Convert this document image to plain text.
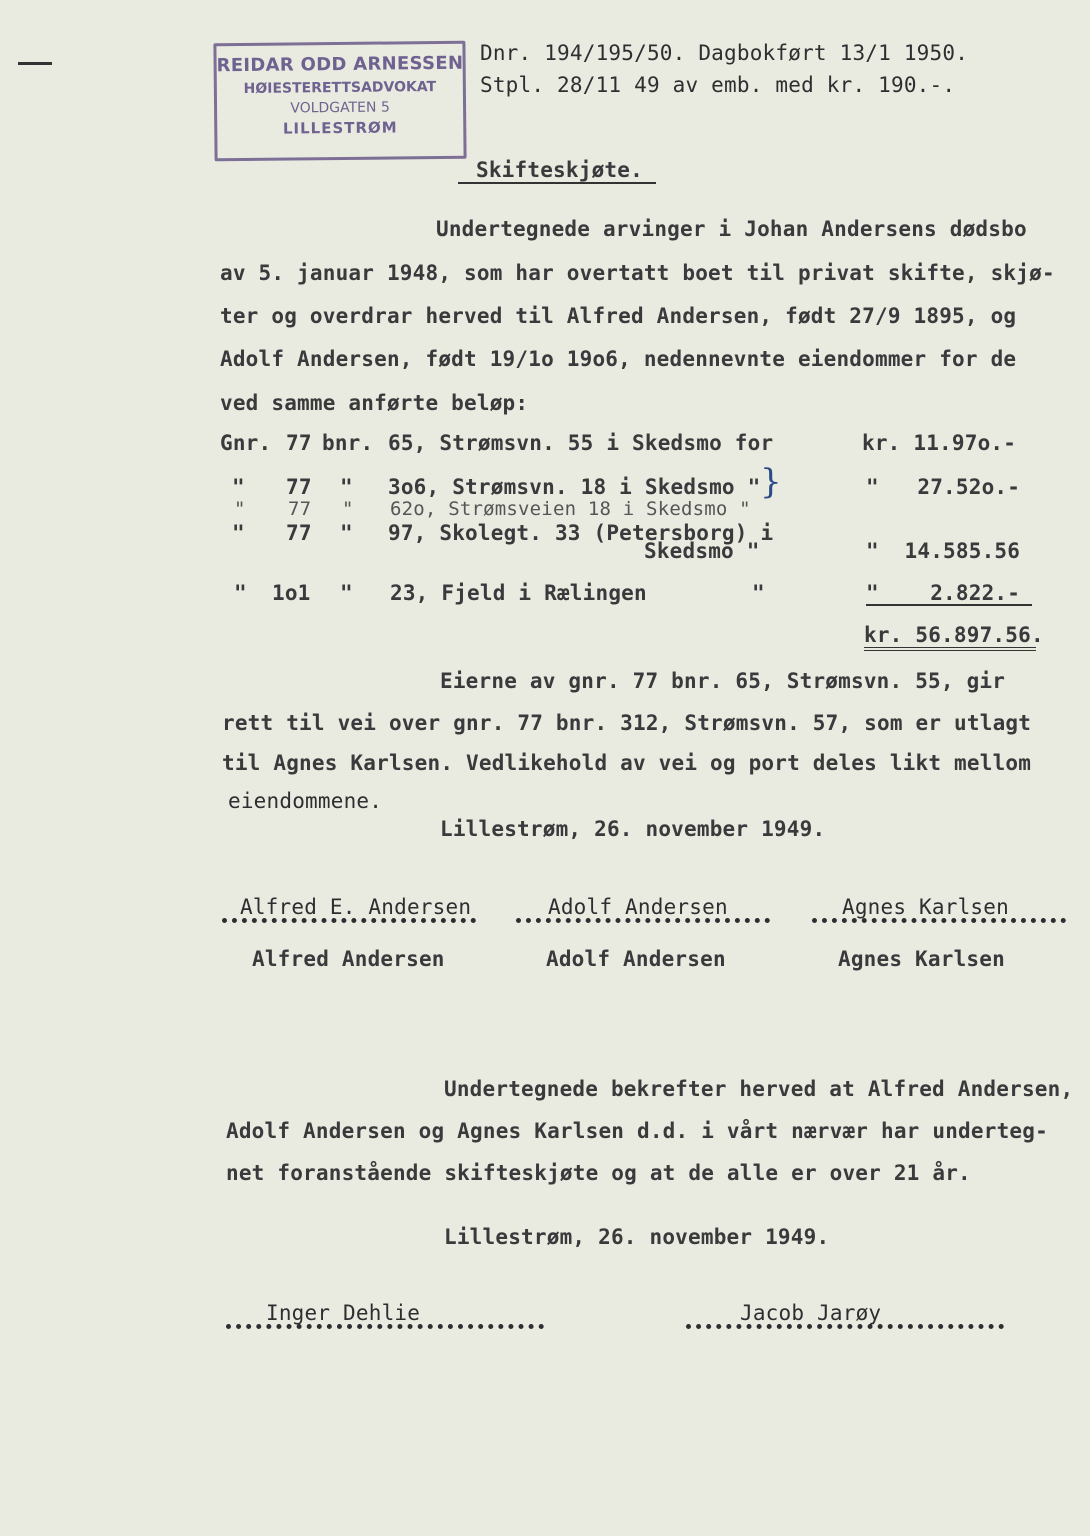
REIDAR ODD ARNESSEN
HØIESTERETTSADVOKAT
VOLDGATEN 5
LILLESTRØM
Dnr. 194/195/50. Dagbokført 13/1 1950.
Stpl. 28/11 49 av emb. med kr. 190.-.
Skifteskjøte.
Undertegnede arvinger i Johan Andersens dødsbo
av 5. januar 1948, som har overtatt boet til privat skifte, skjø-
ter og overdrar herved til Alfred Andersen, født 27/9 1895, og
Adolf Andersen, født 19/1o 19o6, nedennevnte eiendommer for de
ved samme anførte beløp:
Gnr. 77 bnr. 65, Strømsvn. 55 i Skedsmo for	kr. 11.97o.-
" 77 " 3o6, Strømsvn. 18 i Skedsmo "	"   27.52o.-
" 77 " 62o, Strømsveien 18 i Skedsmo "
}
" 77 " 97, Skolegt. 33 (Petersborg) i
Skedsmo "	"  14.585.56
" 1o1 " 23, Fjeld i Rælingen	"	"    2.822.-
kr. 56.897.56.
Eierne av gnr. 77 bnr. 65, Strømsvn. 55, gir
rett til vei over gnr. 77 bnr. 312, Strømsvn. 57, som er utlagt
til Agnes Karlsen. Vedlikehold av vei og port deles likt mellom
eiendommene.
Lillestrøm, 26. november 1949.
Alfred E. Andersen	Adolf Andersen	Agnes Karlsen
Alfred Andersen	Adolf Andersen	Agnes Karlsen
Undertegnede bekrefter herved at Alfred Andersen,
Adolf Andersen og Agnes Karlsen d.d. i vårt nærvær har underteg-
net foranstående skifteskjøte og at de alle er over 21 år.
Lillestrøm, 26. november 1949.
Inger Dehlie	Jacob Jarøy
